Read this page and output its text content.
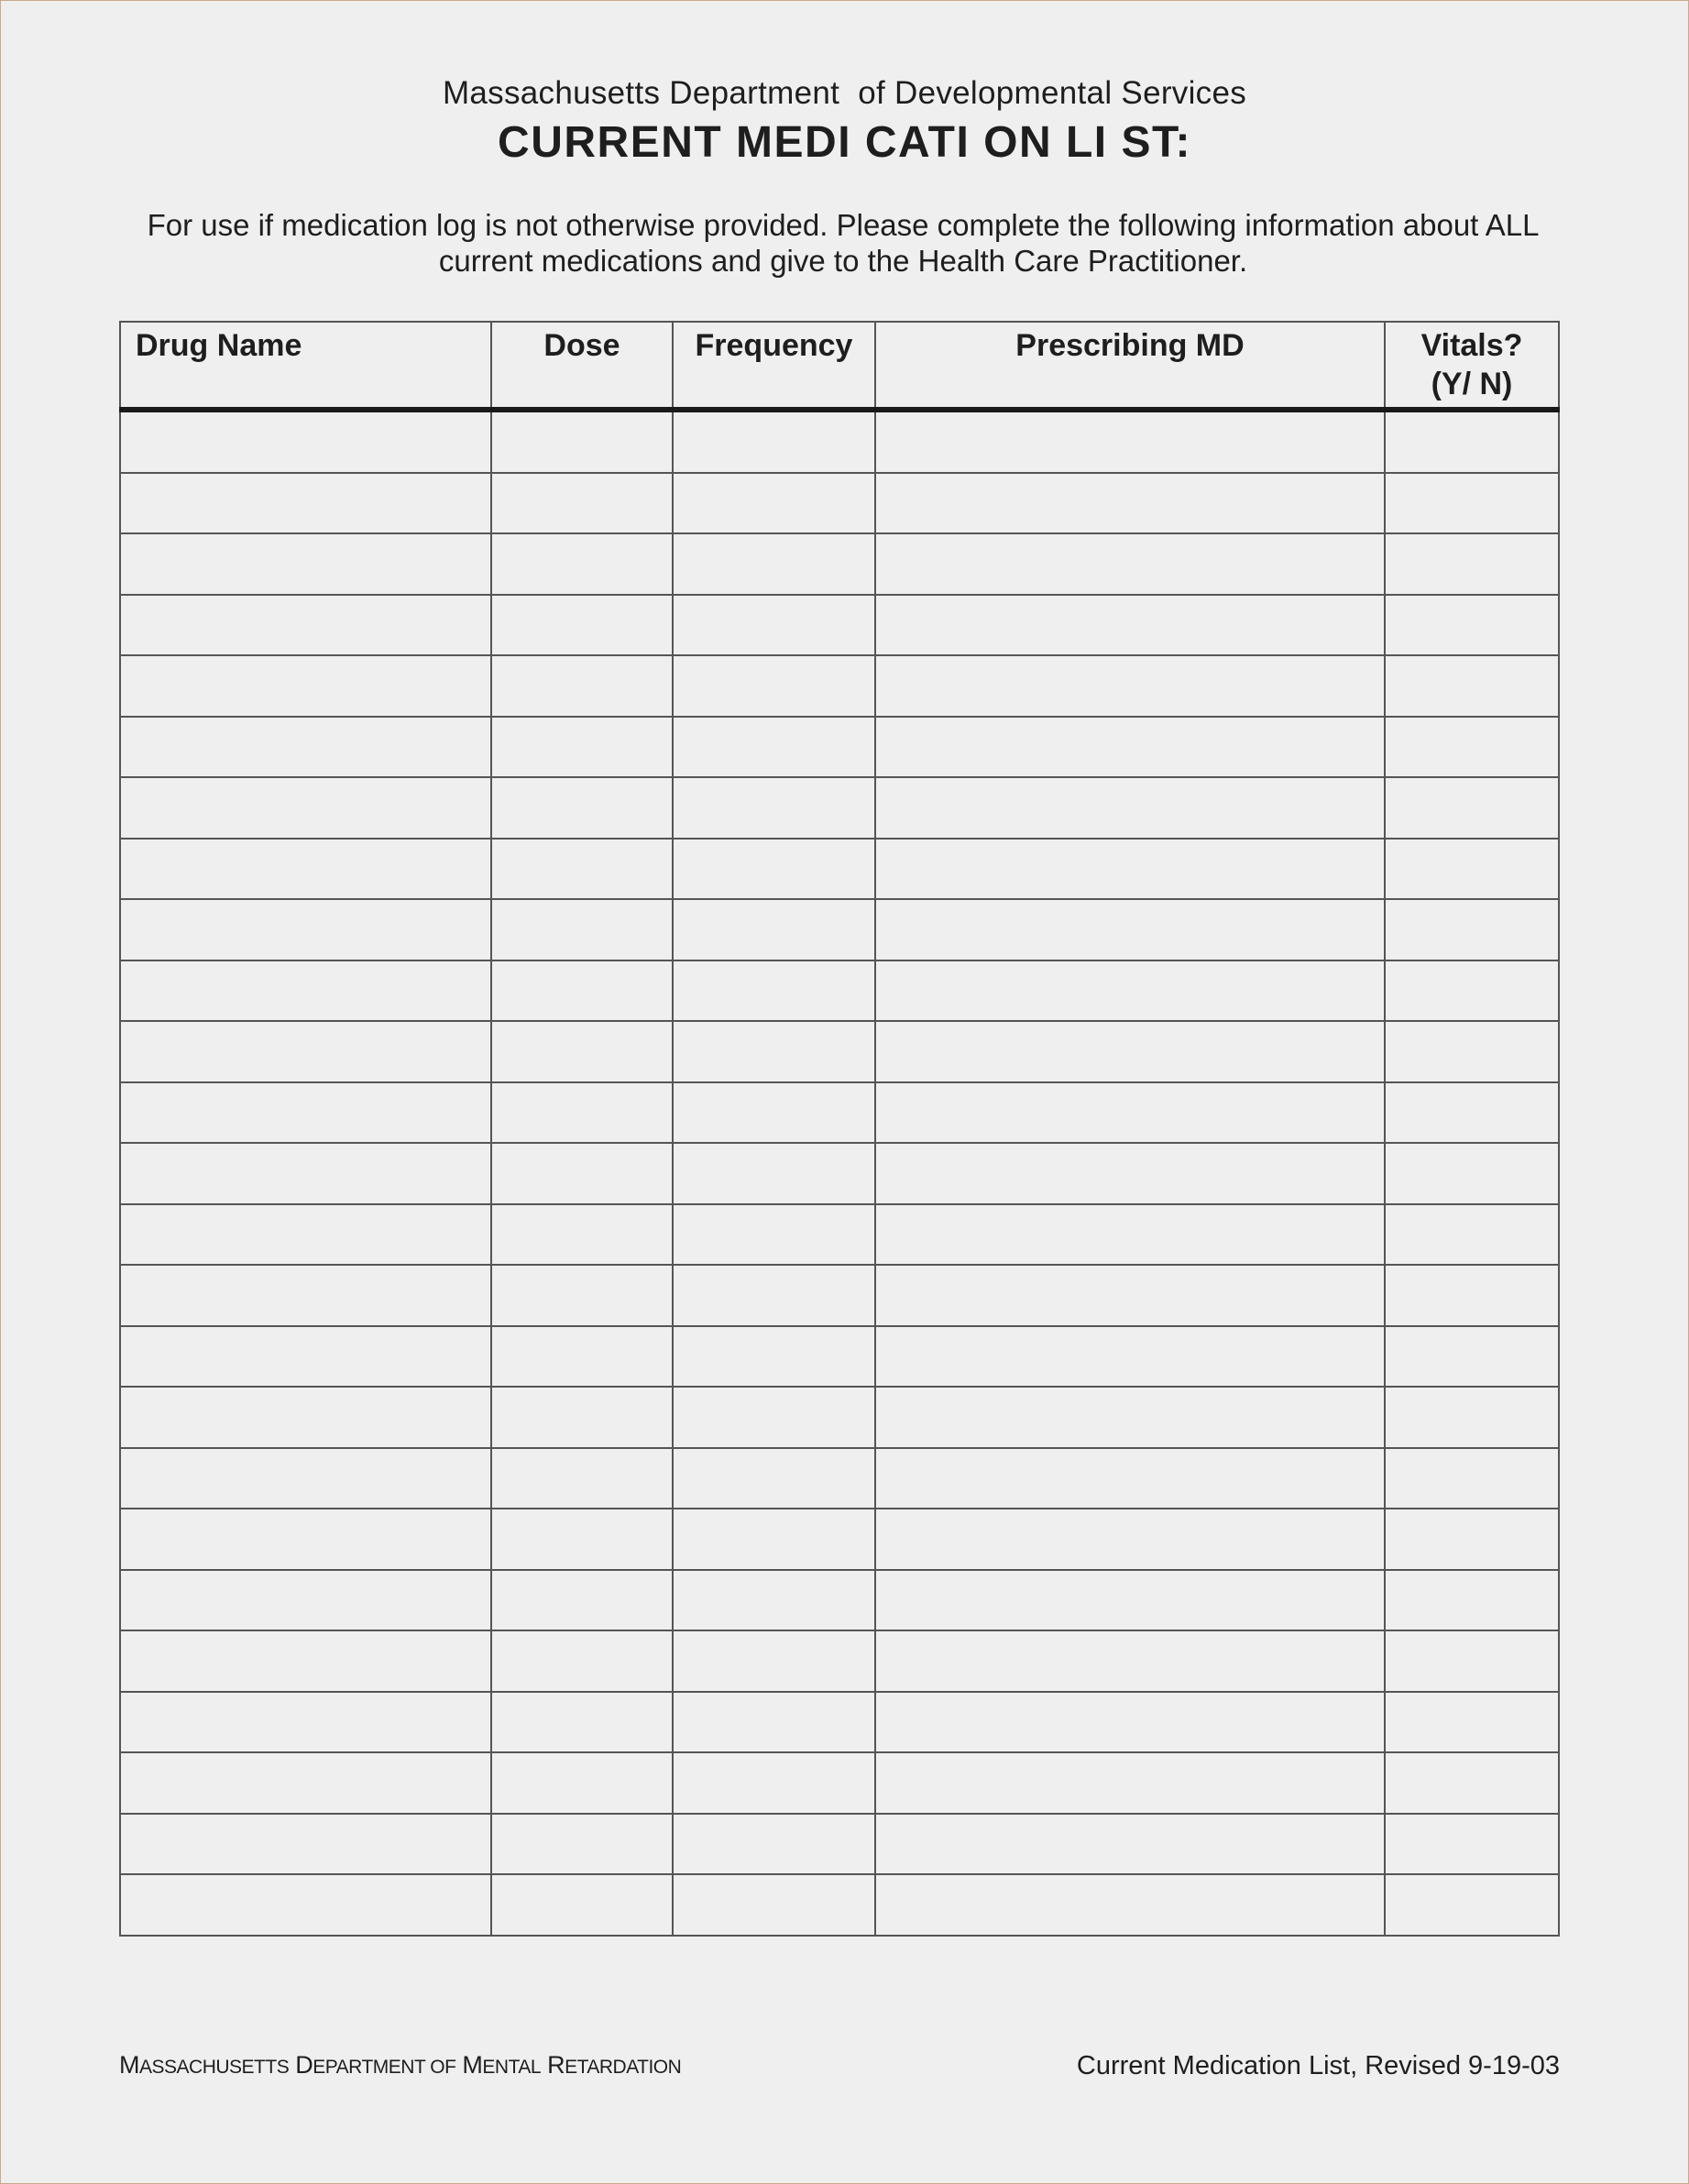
Massachusetts Department  of Developmental Services
CURRENT MEDI CATI ON LI ST:
For use if medication log is not otherwise provided. Please complete the following information about ALL
current medications and give to the Health Care Practitioner.
Drug Name	Dose	Frequency	Prescribing MD	Vitals?
(Y/ N)

MASSACHUSETTS DEPARTMENT OF MENTAL RETARDATION	Current Medication List, Revised 9-19-03
